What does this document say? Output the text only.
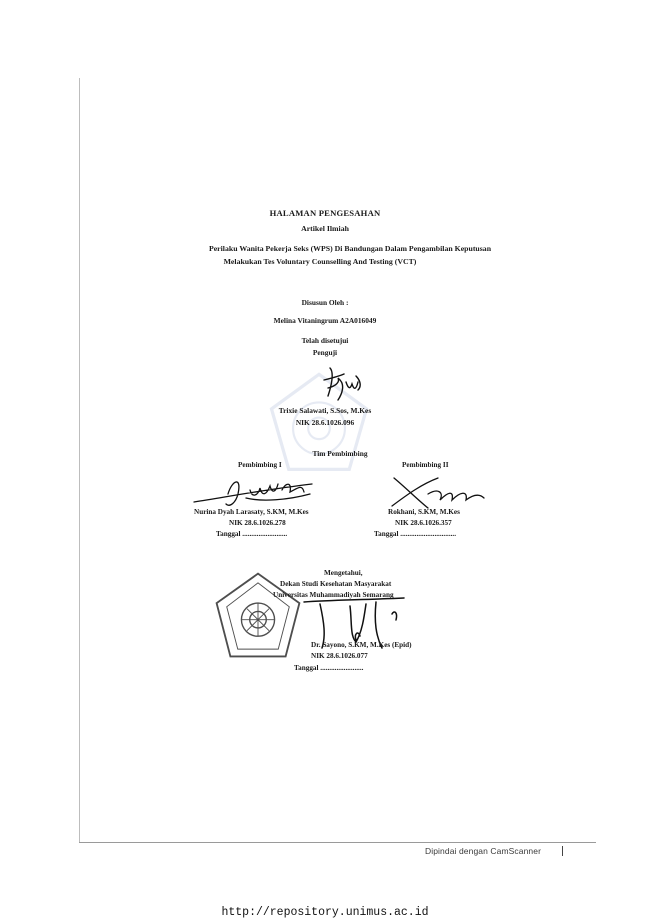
HALAMAN PENGESAHAN
Artikel Ilmiah
Perilaku Wanita Pekerja Seks (WPS) Di Bandungan Dalam Pengambilan Keputusan
Melakukan Tes Voluntary Counselling And Testing (VCT)
Disusun Oleh :
Melina Vitaningrum A2A016049
Telah disetujui
Penguji
Trixie Salawati, S.Sos, M.Kes
NIK 28.6.1026.096
Tim Pembimbing
Pembimbing I
Nurina Dyah Larasaty, S.KM, M.Kes
NIK 28.6.1026.278
Tanggal .........................
Pembimbing II
Rokhani, S.KM, M.Kes
NIK 28.6.1026.357
Tanggal ...............................
Mengetahui,
Dekan Studi Kesehatan Masyarakat
Universitas Muhammadiyah Semarang
Dr. Sayono, S.KM, M.Kes (Epid)
NIK 28.6.1026.077
Tanggal ........................
Dipindai dengan CamScanner
http://repository.unimus.ac.id
